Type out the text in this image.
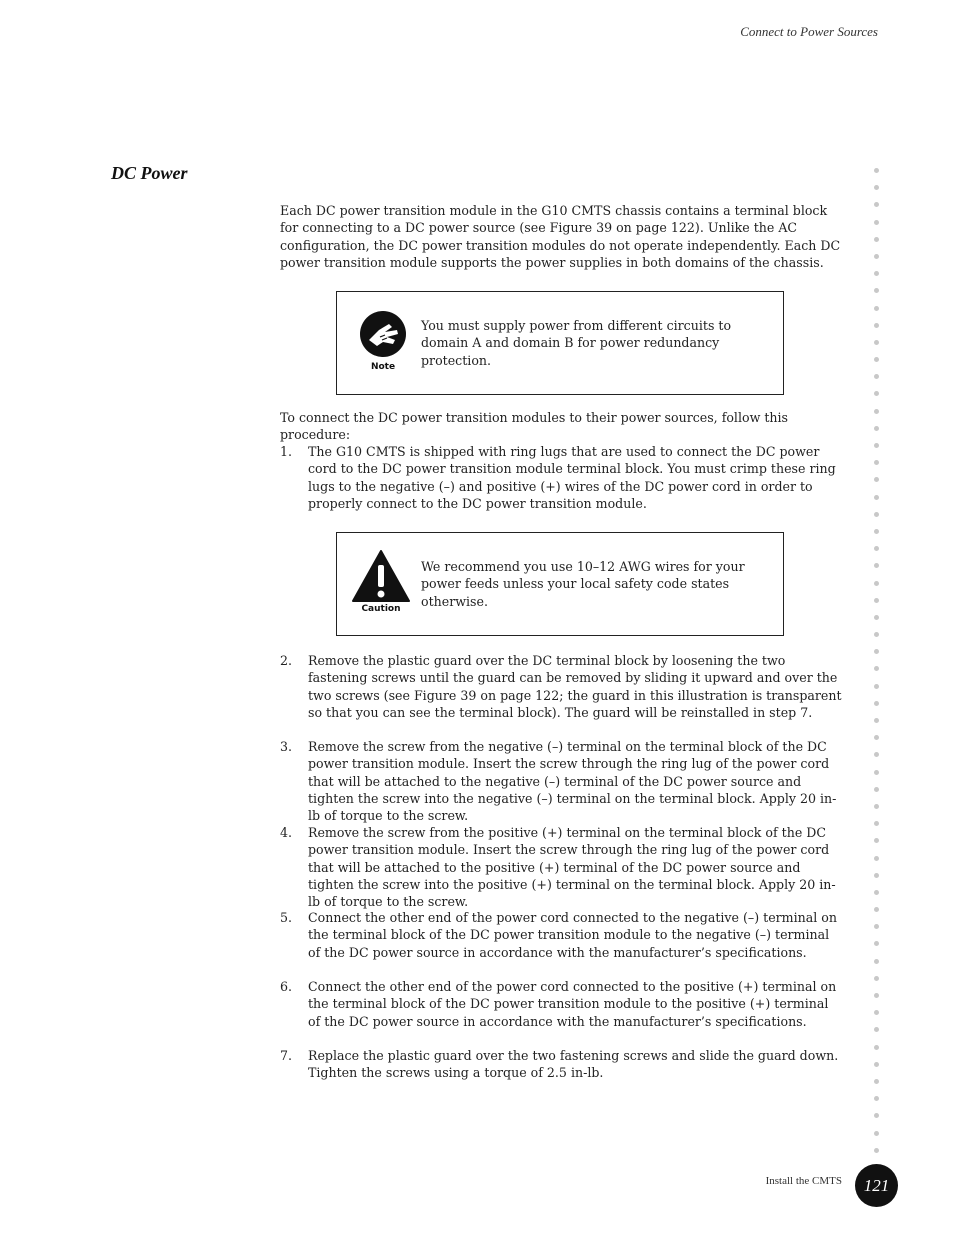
Connect to Power Sources
DC Power

Each DC power transition module in the G10 CMTS chassis contains a terminal block for connecting to a DC power source (see Figure 39 on page 122). Unlike the AC configuration, the DC power transition modules do not operate independently. Each DC power transition module supports the power supplies in both domains of the chassis.

Note
You must supply power from different circuits to domain A and domain B for power redundancy protection.

To connect the DC power transition modules to their power sources, follow this procedure:

1.	The G10 CMTS is shipped with ring lugs that are used to connect the DC power cord to the DC power transition module terminal block. You must crimp these ring lugs to the negative (–) and positive (+) wires of the DC power cord in order to properly connect to the DC power transition module.
Caution
We recommend you use 10–12 AWG wires for your power feeds unless your local safety code states otherwise.
2.	Remove the plastic guard over the DC terminal block by loosening the two fastening screws until the guard can be removed by sliding it upward and over the two screws (see Figure 39 on page 122; the guard in this illustration is transparent so that you can see the terminal block). The guard will be reinstalled in step 7.
3.	Remove the screw from the negative (–) terminal on the terminal block of the DC power transition module. Insert the screw through the ring lug of the power cord that will be attached to the negative (–) terminal of the DC power source and tighten the screw into the negative (–) terminal on the terminal block. Apply 20 in-lb of torque to the screw.
4.	Remove the screw from the positive (+) terminal on the terminal block of the DC power transition module. Insert the screw through the ring lug of the power cord that will be attached to the positive (+) terminal of the DC power source and tighten the screw into the positive (+) terminal on the terminal block. Apply 20 in-lb of torque to the screw.
5.	Connect the other end of the power cord connected to the negative (–) terminal on the terminal block of the DC power transition module to the negative (–) terminal of the DC power source in accordance with the manufacturer’s specifications.
6.	Connect the other end of the power cord connected to the positive (+) terminal on the terminal block of the DC power transition module to the positive (+) terminal of the DC power source in accordance with the manufacturer’s specifications.
7.	Replace the plastic guard over the two fastening screws and slide the guard down. Tighten the screws using a torque of 2.5 in-lb.
Install the CMTS	121
